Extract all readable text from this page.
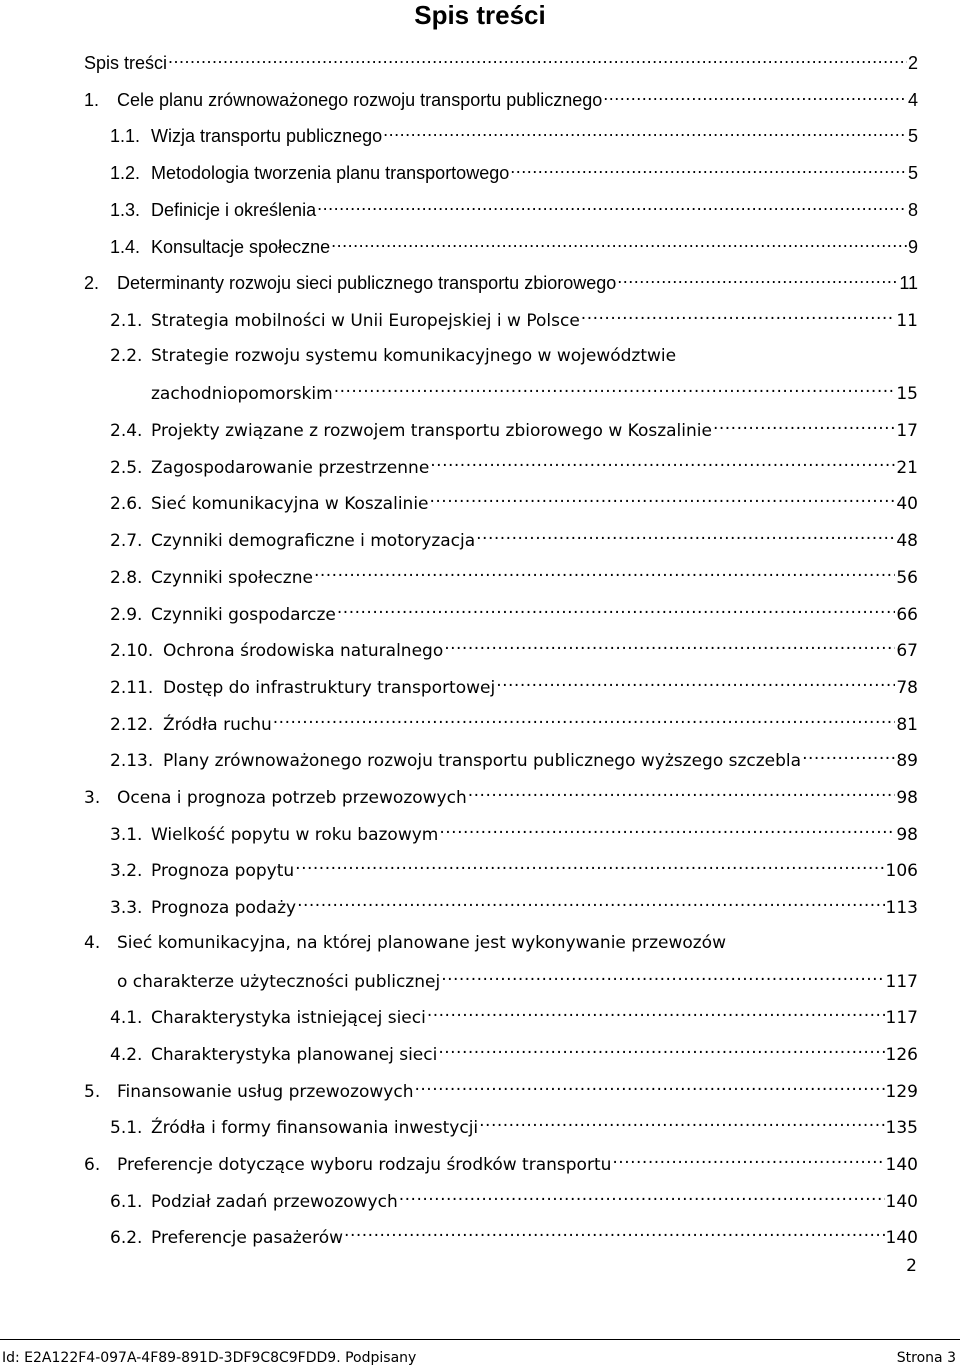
Spis treści
Spis treści .....	2
1. Cele planu zrównoważonego rozwoju transportu publicznego .....	4
1.1. Wizja transportu publicznego .....	5
1.2. Metodologia tworzenia planu transportowego .....	5
1.3. Definicje i określenia .....	8
1.4. Konsultacje społeczne .....	9
2. Determinanty rozwoju sieci publicznego transportu zbiorowego .....	11
2.1. Strategia mobilności w Unii Europejskiej i w Polsce .....	11
2.2. Strategie rozwoju systemu komunikacyjnego w województwie
zachodniopomorskim .....	15
2.4. Projekty związane z rozwojem transportu zbiorowego w Koszalinie .....	17
2.5. Zagospodarowanie przestrzenne .....	21
2.6. Sieć komunikacyjna w Koszalinie .....	40
2.7. Czynniki demograficzne i motoryzacja .....	48
2.8. Czynniki społeczne .....	56
2.9. Czynniki gospodarcze .....	66
2.10. Ochrona środowiska naturalnego .....	67
2.11. Dostęp do infrastruktury transportowej .....	78
2.12. Źródła ruchu .....	81
2.13. Plany zrównoważonego rozwoju transportu publicznego wyższego szczebla .....	89
3. Ocena i prognoza potrzeb przewozowych .....	98
3.1. Wielkość popytu w roku bazowym .....	98
3.2. Prognoza popytu .....	106
3.3. Prognoza podaży .....	113
4. Sieć komunikacyjna, na której planowane jest wykonywanie przewozów
o charakterze użyteczności publicznej .....	117
4.1. Charakterystyka istniejącej sieci .....	117
4.2. Charakterystyka planowanej sieci .....	126
5. Finansowanie usług przewozowych .....	129
5.1. Źródła i formy finansowania inwestycji .....	135
6. Preferencje dotyczące wyboru rodzaju środków transportu .....	140
6.1. Podział zadań przewozowych .....	140
6.2. Preferencje pasażerów .....	140
2
Id: E2A122F4-097A-4F89-891D-3DF9C8C9FDD9. Podpisany	Strona 3
